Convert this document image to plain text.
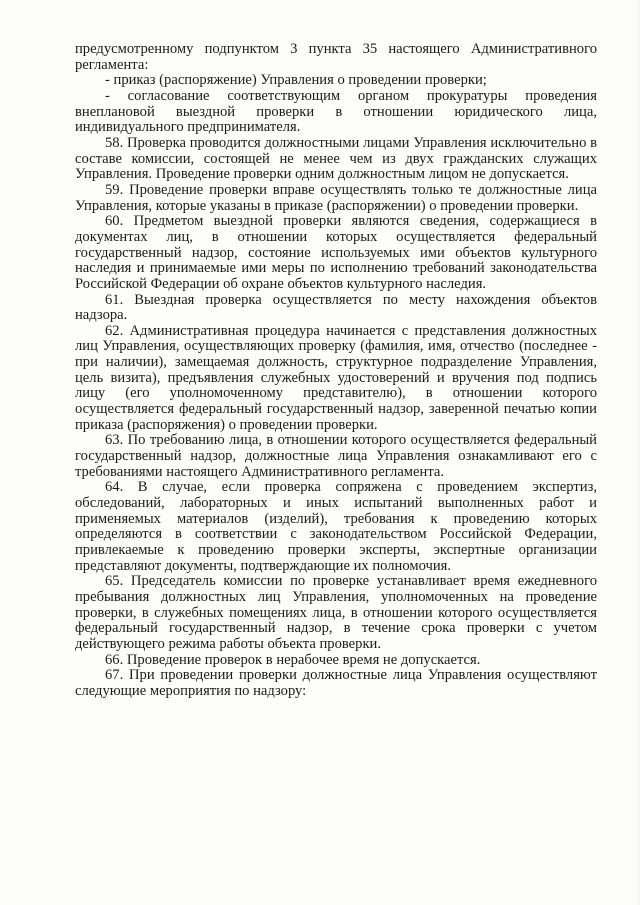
предусмотренному подпунктом 3 пункта 35 настоящего Административного регламента:

- приказ (распоряжение) Управления о проведении проверки;

- согласование соответствующим органом прокуратуры проведения внеплановой выездной проверки в отношении юридического лица, индивидуального предпринимателя.

58. Проверка проводится должностными лицами Управления исключительно в составе комиссии, состоящей не менее чем из двух гражданских служащих Управления. Проведение проверки одним должностным лицом не допускается.

59. Проведение проверки вправе осуществлять только те должностные лица Управления, которые указаны в приказе (распоряжении) о проведении проверки.

60. Предметом выездной проверки являются сведения, содержащиеся в документах лиц, в отношении которых осуществляется федеральный государственный надзор, состояние используемых ими объектов культурного наследия и принимаемые ими меры по исполнению требований законодательства Российской Федерации об охране объектов культурного наследия.

61. Выездная проверка осуществляется по месту нахождения объектов надзора.

62. Административная процедура начинается с представления должностных лиц Управления, осуществляющих проверку (фамилия, имя, отчество (последнее - при наличии), замещаемая должность, структурное подразделение Управления, цель визита), предъявления служебных удостоверений и вручения под подпись лицу (его уполномоченному представителю), в отношении которого осуществляется федеральный государственный надзор, заверенной печатью копии приказа (распоряжения) о проведении проверки.

63. По требованию лица, в отношении которого осуществляется федеральный государственный надзор, должностные лица Управления ознакамливают его с требованиями настоящего Административного регламента.

64. В случае, если проверка сопряжена с проведением экспертиз, обследований, лабораторных и иных испытаний выполненных работ и применяемых материалов (изделий), требования к проведению которых определяются в соответствии с законодательством Российской Федерации, привлекаемые к проведению проверки эксперты, экспертные организации представляют документы, подтверждающие их полномочия.

65. Председатель комиссии по проверке устанавливает время ежедневного пребывания должностных лиц Управления, уполномоченных на проведение проверки, в служебных помещениях лица, в отношении которого осуществляется федеральный государственный надзор, в течение срока проверки с учетом действующего режима работы объекта проверки.

66. Проведение проверок в нерабочее время не допускается.

67. При проведении проверки должностные лица Управления осуществляют следующие мероприятия по надзору:
